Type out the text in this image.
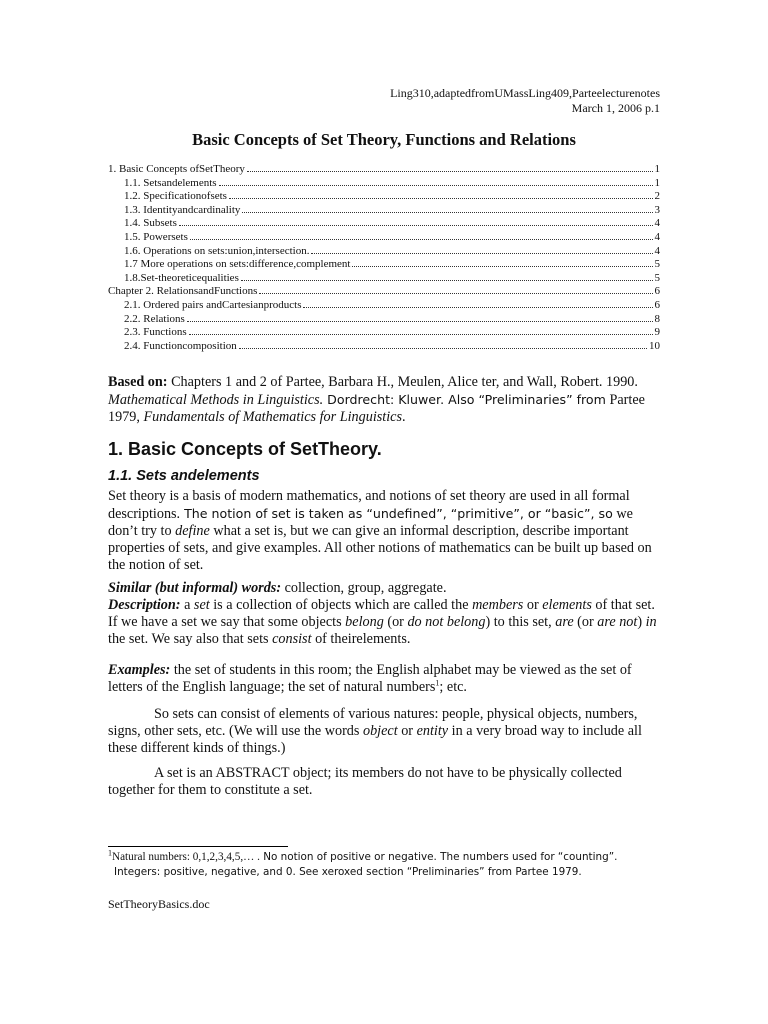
Ling310,adaptedfromUMassLing409,Parteelecturenotes
March 1, 2006 p.1
Basic Concepts of Set Theory, Functions and Relations
1. Basic Concepts ofSetTheory	1
1.1. Setsandelements	1
1.2. Specificationofsets	2
1.3. Identityandcardinality	3
1.4. Subsets	4
1.5. Powersets	4
1.6. Operations on sets:union,intersection.	4
1.7 More operations on sets:difference,complement	5
1.8.Set-theoreticequalities	5
Chapter 2. RelationsandFunctions	6
2.1. Ordered pairs andCartesianproducts	6
2.2. Relations	8
2.3. Functions	9
2.4. Functioncomposition	10
Based on: Chapters 1 and 2 of Partee, Barbara H., Meulen, Alice ter, and Wall, Robert. 1990. Mathematical Methods in Linguistics. Dordrecht: Kluwer. Also “Preliminaries” from Partee 1979, Fundamentals of Mathematics for Linguistics.
1. Basic Concepts of SetTheory.
1.1. Sets andelements
Set theory is a basis of modern mathematics, and notions of set theory are used in all formal descriptions. The notion of set is taken as “undefined”, “primitive”, or “basic”, so we don’t try to define what a set is, but we can give an informal description, describe important properties of sets, and give examples. All other notions of mathematics can be built up based on the notion of set.
Similar (but informal) words: collection, group, aggregate.
Description: a set is a collection of objects which are called the members or elements of that set. If we have a set we say that some objects belong (or do not belong) to this set, are (or are not) in the set. We say also that sets consist of theirelements.
Examples: the set of students in this room; the English alphabet may be viewed as the set of letters of the English language; the set of natural numbers$^1$; etc.
So sets can consist of elements of various natures: people, physical objects, numbers, signs, other sets, etc. (We will use the words object or entity in a very broad way to include all these different kinds of things.)
A set is an ABSTRACT object; its members do not have to be physically collected together for them to constitute a set.
$^1$Natural numbers: 0,1,2,3,4,5,… . No notion of positive or negative. The numbers used for “counting”.
Integers: positive, negative, and 0. See xeroxed section “Preliminaries” from Partee 1979.
SetTheoryBasics.doc
